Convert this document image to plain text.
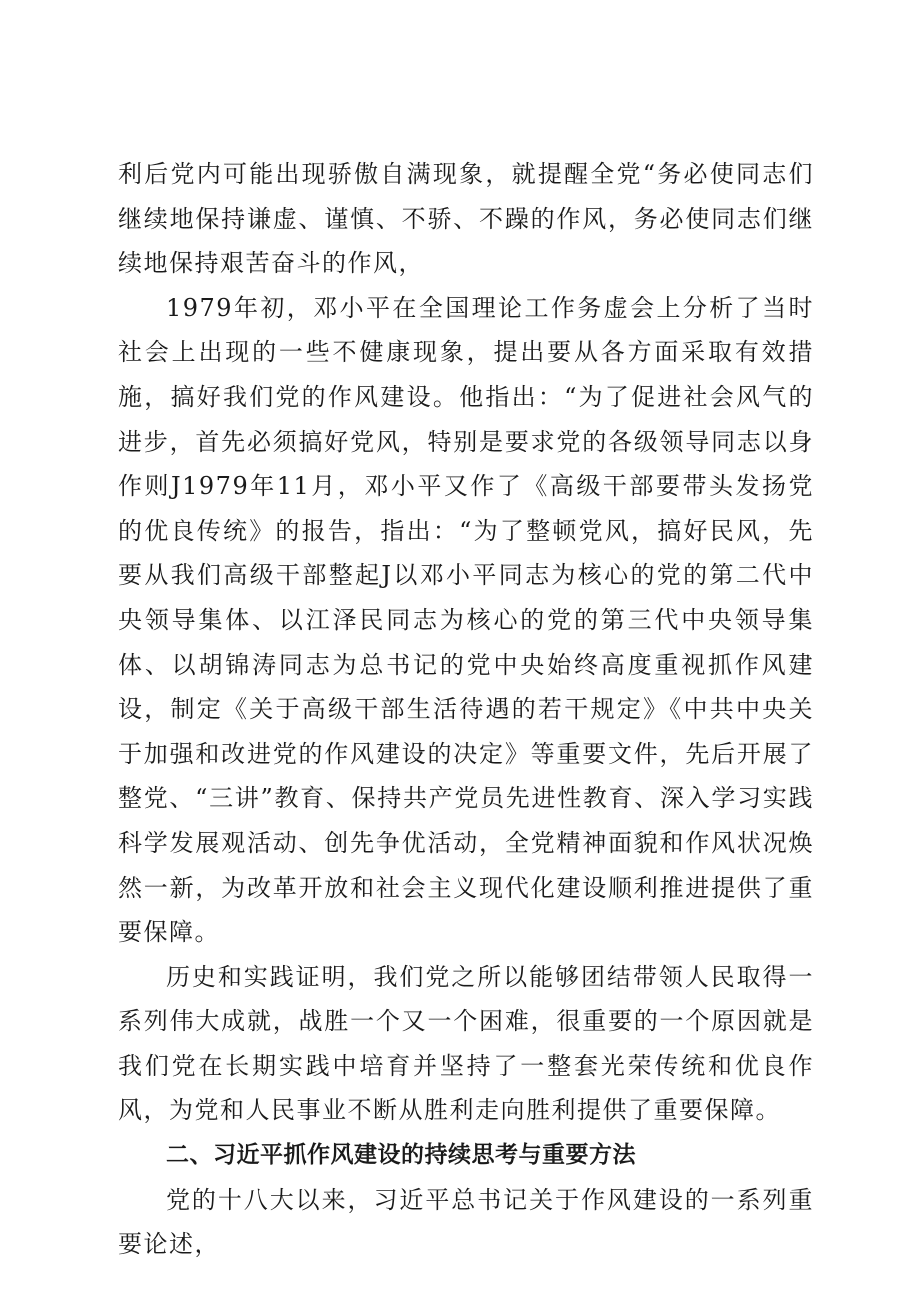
利后党内可能出现骄傲自满现象，就提醒全党“务必使同志们继续地保持谦虚、谨慎、不骄、不躁的作风，务必使同志们继续地保持艰苦奋斗的作风，

1979年初，邓小平在全国理论工作务虚会上分析了当时社会上出现的一些不健康现象，提出要从各方面采取有效措施，搞好我们党的作风建设。他指出：“为了促进社会风气的进步，首先必须搞好党风，特别是要求党的各级领导同志以身作则J1979年11月，邓小平又作了《高级干部要带头发扬党的优良传统》的报告，指出：“为了整顿党风，搞好民风，先要从我们高级干部整起J以邓小平同志为核心的党的第二代中央领导集体、以江泽民同志为核心的党的第三代中央领导集体、以胡锦涛同志为总书记的党中央始终高度重视抓作风建设，制定《关于高级干部生活待遇的若干规定》《中共中央关于加强和改进党的作风建设的决定》等重要文件，先后开展了整党、“三讲”教育、保持共产党员先进性教育、深入学习实践科学发展观活动、创先争优活动，全党精神面貌和作风状况焕然一新，为改革开放和社会主义现代化建设顺利推进提供了重要保障。

历史和实践证明，我们党之所以能够团结带领人民取得一系列伟大成就，战胜一个又一个困难，很重要的一个原因就是我们党在长期实践中培育并坚持了一整套光荣传统和优良作风，为党和人民事业不断从胜利走向胜利提供了重要保障。

二、习近平抓作风建设的持续思考与重要方法

党的十八大以来，习近平总书记关于作风建设的一系列重要论述，
